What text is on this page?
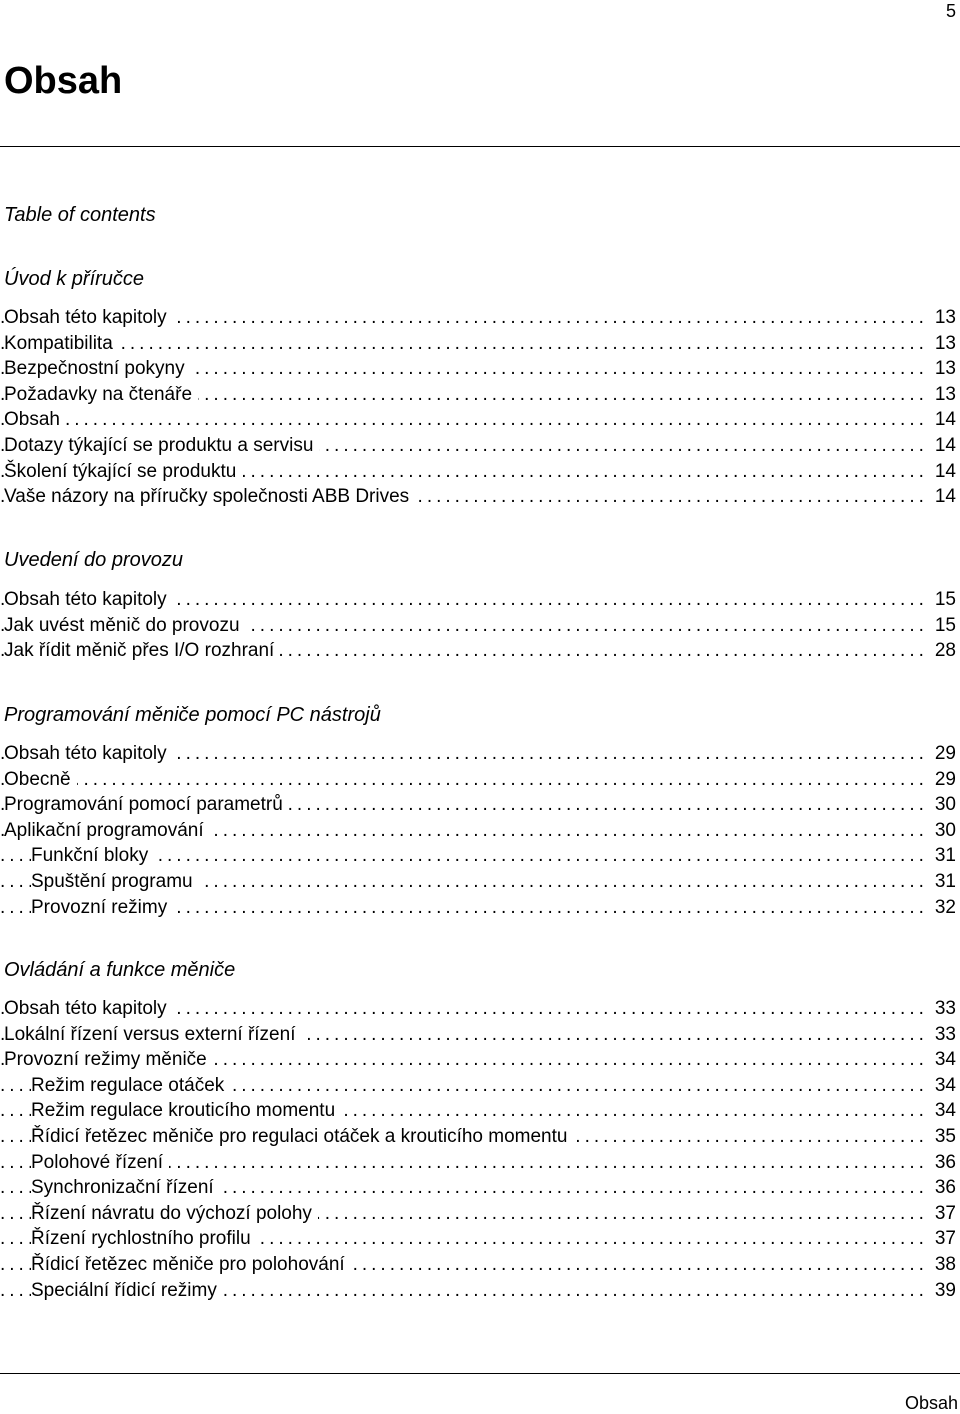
5
Obsah
Table of contents
Úvod k příručce
.....
Obsah této kapitoly	13
.....
Kompatibilita	13
.....
Bezpečnostní pokyny	13
.....
Požadavky na čtenáře	13
.....
Obsah	14
.....
Dotazy týkající se produktu a servisu	14
.....
Školení týkající se produktu	14
.....
Vaše názory na příručky společnosti ABB Drives	14
Uvedení do provozu
.....
Obsah této kapitoly	15
.....
Jak uvést měnič do provozu	15
.....
Jak řídit měnič přes I/O rozhraní	28
Programování měniče pomocí PC nástrojů
.....
Obsah této kapitoly	29
.....
Obecně	29
.....
Programování pomocí parametrů	30
.....
Aplikační programování	30
.....
Funkční bloky	31
.....
Spuštění programu	31
.....
Provozní režimy	32
Ovládání a funkce měniče
.....
Obsah této kapitoly	33
.....
Lokální řízení versus externí řízení	33
.....
Provozní režimy měniče	34
.....
Režim regulace otáček	34
.....
Režim regulace krouticího momentu	34
.....
Řídicí řetězec měniče pro regulaci otáček a krouticího momentu	35
.....
Polohové řízení	36
.....
Synchronizační řízení	36
.....
Řízení návratu do výchozí polohy	37
.....
Řízení rychlostního profilu	37
.....
Řídicí řetězec měniče pro polohování	38
.....
Speciální řídicí režimy	39
Obsah
